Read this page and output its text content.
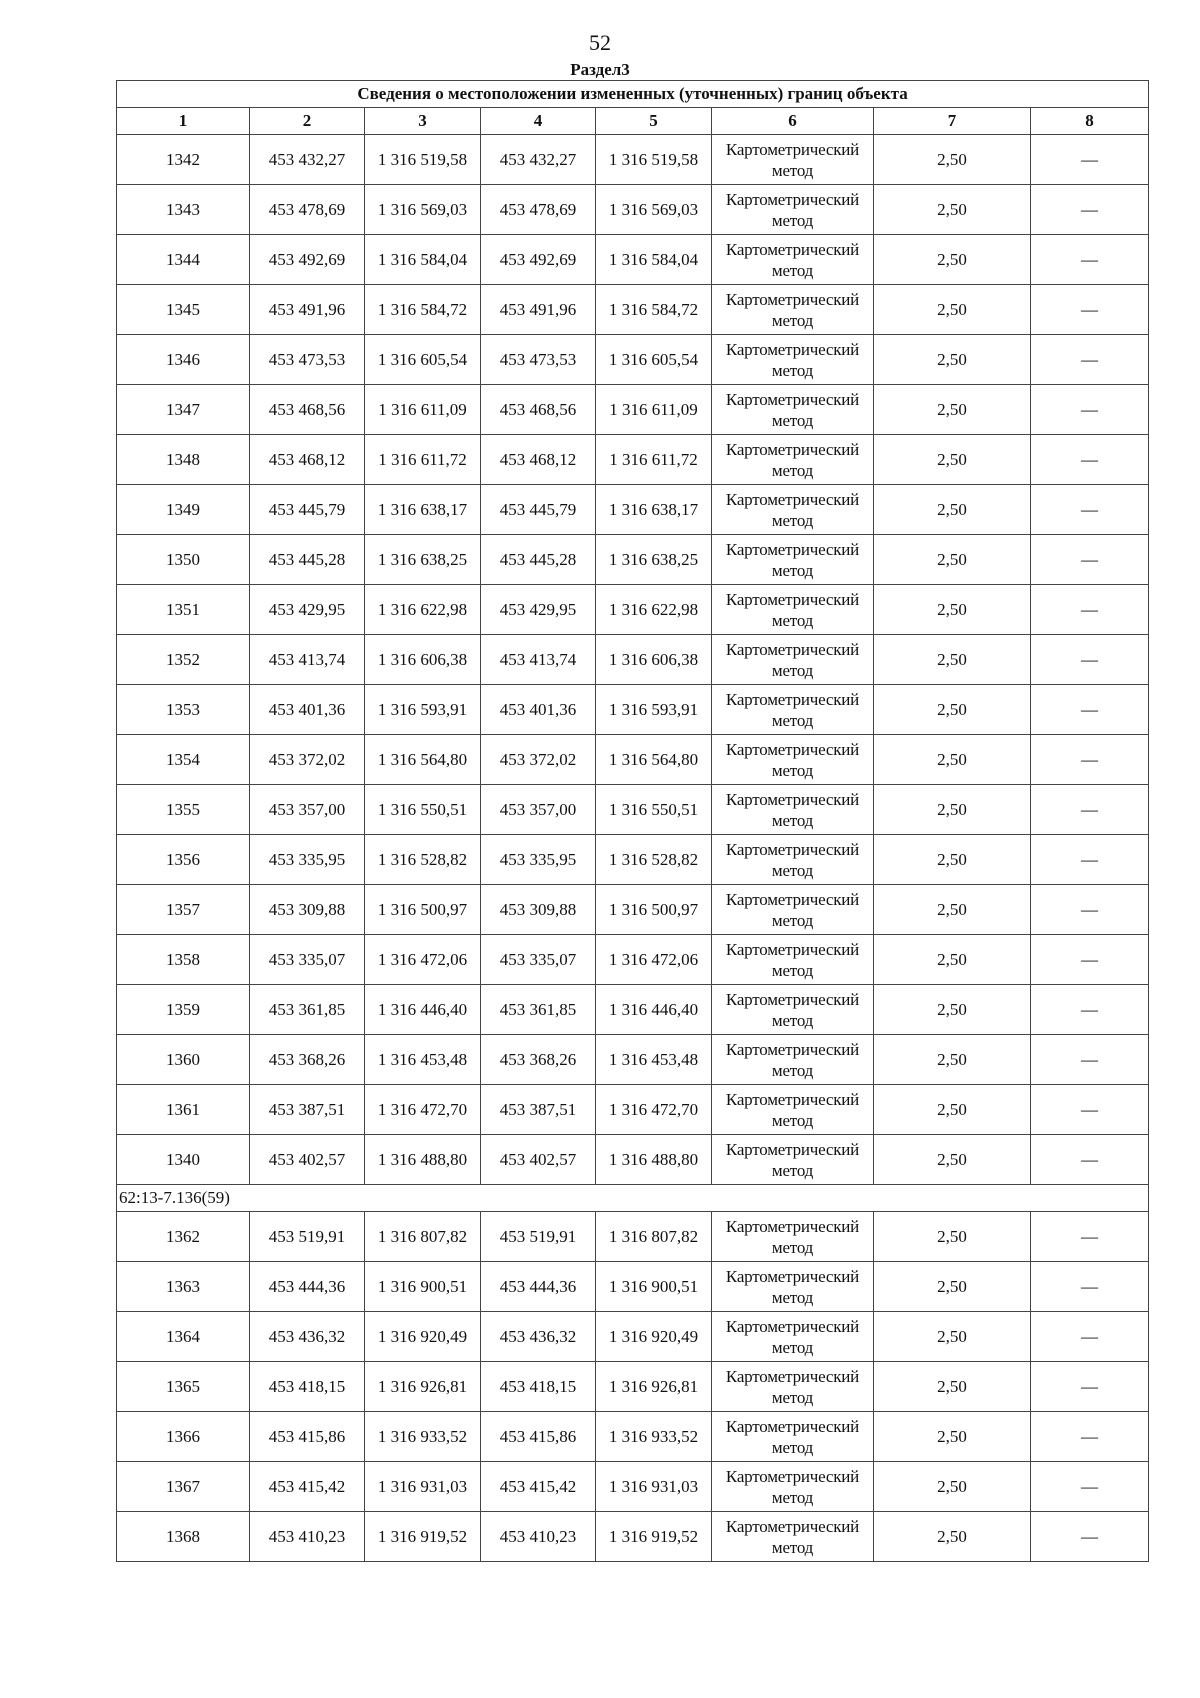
52
Раздел3
Сведения о местоположении измененных (уточненных) границ объекта							
1	2	3	4	5	6	7	8
1342	453 432,27	1 316 519,58	453 432,27	1 316 519,58	Картометрический метод	2,50	—
1343	453 478,69	1 316 569,03	453 478,69	1 316 569,03	Картометрический метод	2,50	—
1344	453 492,69	1 316 584,04	453 492,69	1 316 584,04	Картометрический метод	2,50	—
1345	453 491,96	1 316 584,72	453 491,96	1 316 584,72	Картометрический метод	2,50	—
1346	453 473,53	1 316 605,54	453 473,53	1 316 605,54	Картометрический метод	2,50	—
1347	453 468,56	1 316 611,09	453 468,56	1 316 611,09	Картометрический метод	2,50	—
1348	453 468,12	1 316 611,72	453 468,12	1 316 611,72	Картометрический метод	2,50	—
1349	453 445,79	1 316 638,17	453 445,79	1 316 638,17	Картометрический метод	2,50	—
1350	453 445,28	1 316 638,25	453 445,28	1 316 638,25	Картометрический метод	2,50	—
1351	453 429,95	1 316 622,98	453 429,95	1 316 622,98	Картометрический метод	2,50	—
1352	453 413,74	1 316 606,38	453 413,74	1 316 606,38	Картометрический метод	2,50	—
1353	453 401,36	1 316 593,91	453 401,36	1 316 593,91	Картометрический метод	2,50	—
1354	453 372,02	1 316 564,80	453 372,02	1 316 564,80	Картометрический метод	2,50	—
1355	453 357,00	1 316 550,51	453 357,00	1 316 550,51	Картометрический метод	2,50	—
1356	453 335,95	1 316 528,82	453 335,95	1 316 528,82	Картометрический метод	2,50	—
1357	453 309,88	1 316 500,97	453 309,88	1 316 500,97	Картометрический метод	2,50	—
1358	453 335,07	1 316 472,06	453 335,07	1 316 472,06	Картометрический метод	2,50	—
1359	453 361,85	1 316 446,40	453 361,85	1 316 446,40	Картометрический метод	2,50	—
1360	453 368,26	1 316 453,48	453 368,26	1 316 453,48	Картометрический метод	2,50	—
1361	453 387,51	1 316 472,70	453 387,51	1 316 472,70	Картометрический метод	2,50	—
1340	453 402,57	1 316 488,80	453 402,57	1 316 488,80	Картометрический метод	2,50	—
62:13-7.136(59)							
1362	453 519,91	1 316 807,82	453 519,91	1 316 807,82	Картометрический метод	2,50	—
1363	453 444,36	1 316 900,51	453 444,36	1 316 900,51	Картометрический метод	2,50	—
1364	453 436,32	1 316 920,49	453 436,32	1 316 920,49	Картометрический метод	2,50	—
1365	453 418,15	1 316 926,81	453 418,15	1 316 926,81	Картометрический метод	2,50	—
1366	453 415,86	1 316 933,52	453 415,86	1 316 933,52	Картометрический метод	2,50	—
1367	453 415,42	1 316 931,03	453 415,42	1 316 931,03	Картометрический метод	2,50	—
1368	453 410,23	1 316 919,52	453 410,23	1 316 919,52	Картометрический метод	2,50	—
